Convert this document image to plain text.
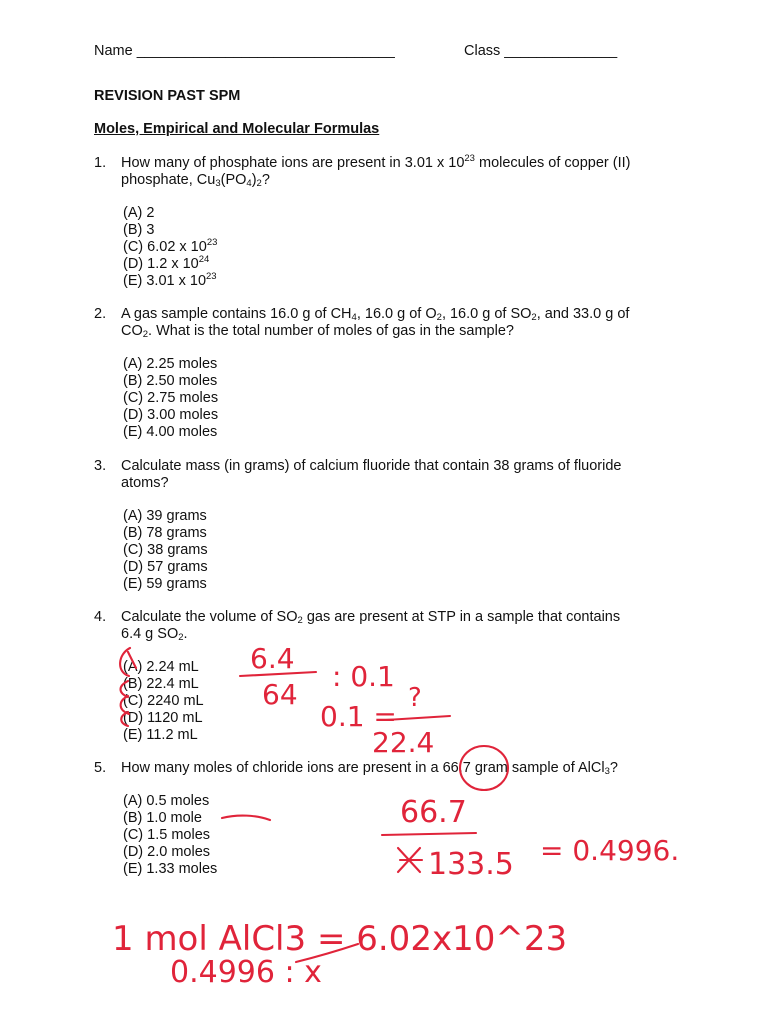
Name ________________________________	Class ______________
REVISION PAST SPM
Moles, Empirical and Molecular Formulas
1. How many of phosphate ions are present in 3.01 x $10^{23}$ molecules of copper (II)
phosphate, $Cu_3(PO_4)_2$?
(A) 2
(B) 3
(C) 6.02 x $10^{23}$
(D) 1.2 x $10^{24}$
(E) 3.01 x $10^{23}$
2. A gas sample contains 16.0 g of $CH_4$, 16.0 g of $O_2$, 16.0 g of $SO_2$, and 33.0 g of
$CO_2$. What is the total number of moles of gas in the sample?
(A) 2.25 moles
(B) 2.50 moles
(C) 2.75 moles
(D) 3.00 moles
(E) 4.00 moles
3. Calculate mass (in grams) of calcium fluoride that contain 38 grams of fluoride
atoms?
(A) 39 grams
(B) 78 grams
(C) 38 grams
(D) 57 grams
(E) 59 grams
4. Calculate the volume of $SO_2$ gas are present at STP in a sample that contains
6.4 g $SO_2$.
(A) 2.24 mL
(B) 22.4 mL
(C) 2240 mL
(D) 1120 mL
(E) 11.2 mL
5. How many moles of chloride ions are present in a 66.7 gram sample of AlCl$_3$?
(A) 0.5 moles
(B) 1.0 mole
(C) 1.5 moles
(D) 2.0 moles
(E) 1.33 moles
6.4
64
: 0.1
0.1 =
?
22.4
66.7
133.5 = 0.4996.
1 mol AlCl3 = 6.02x10^23
0.4996 : x
